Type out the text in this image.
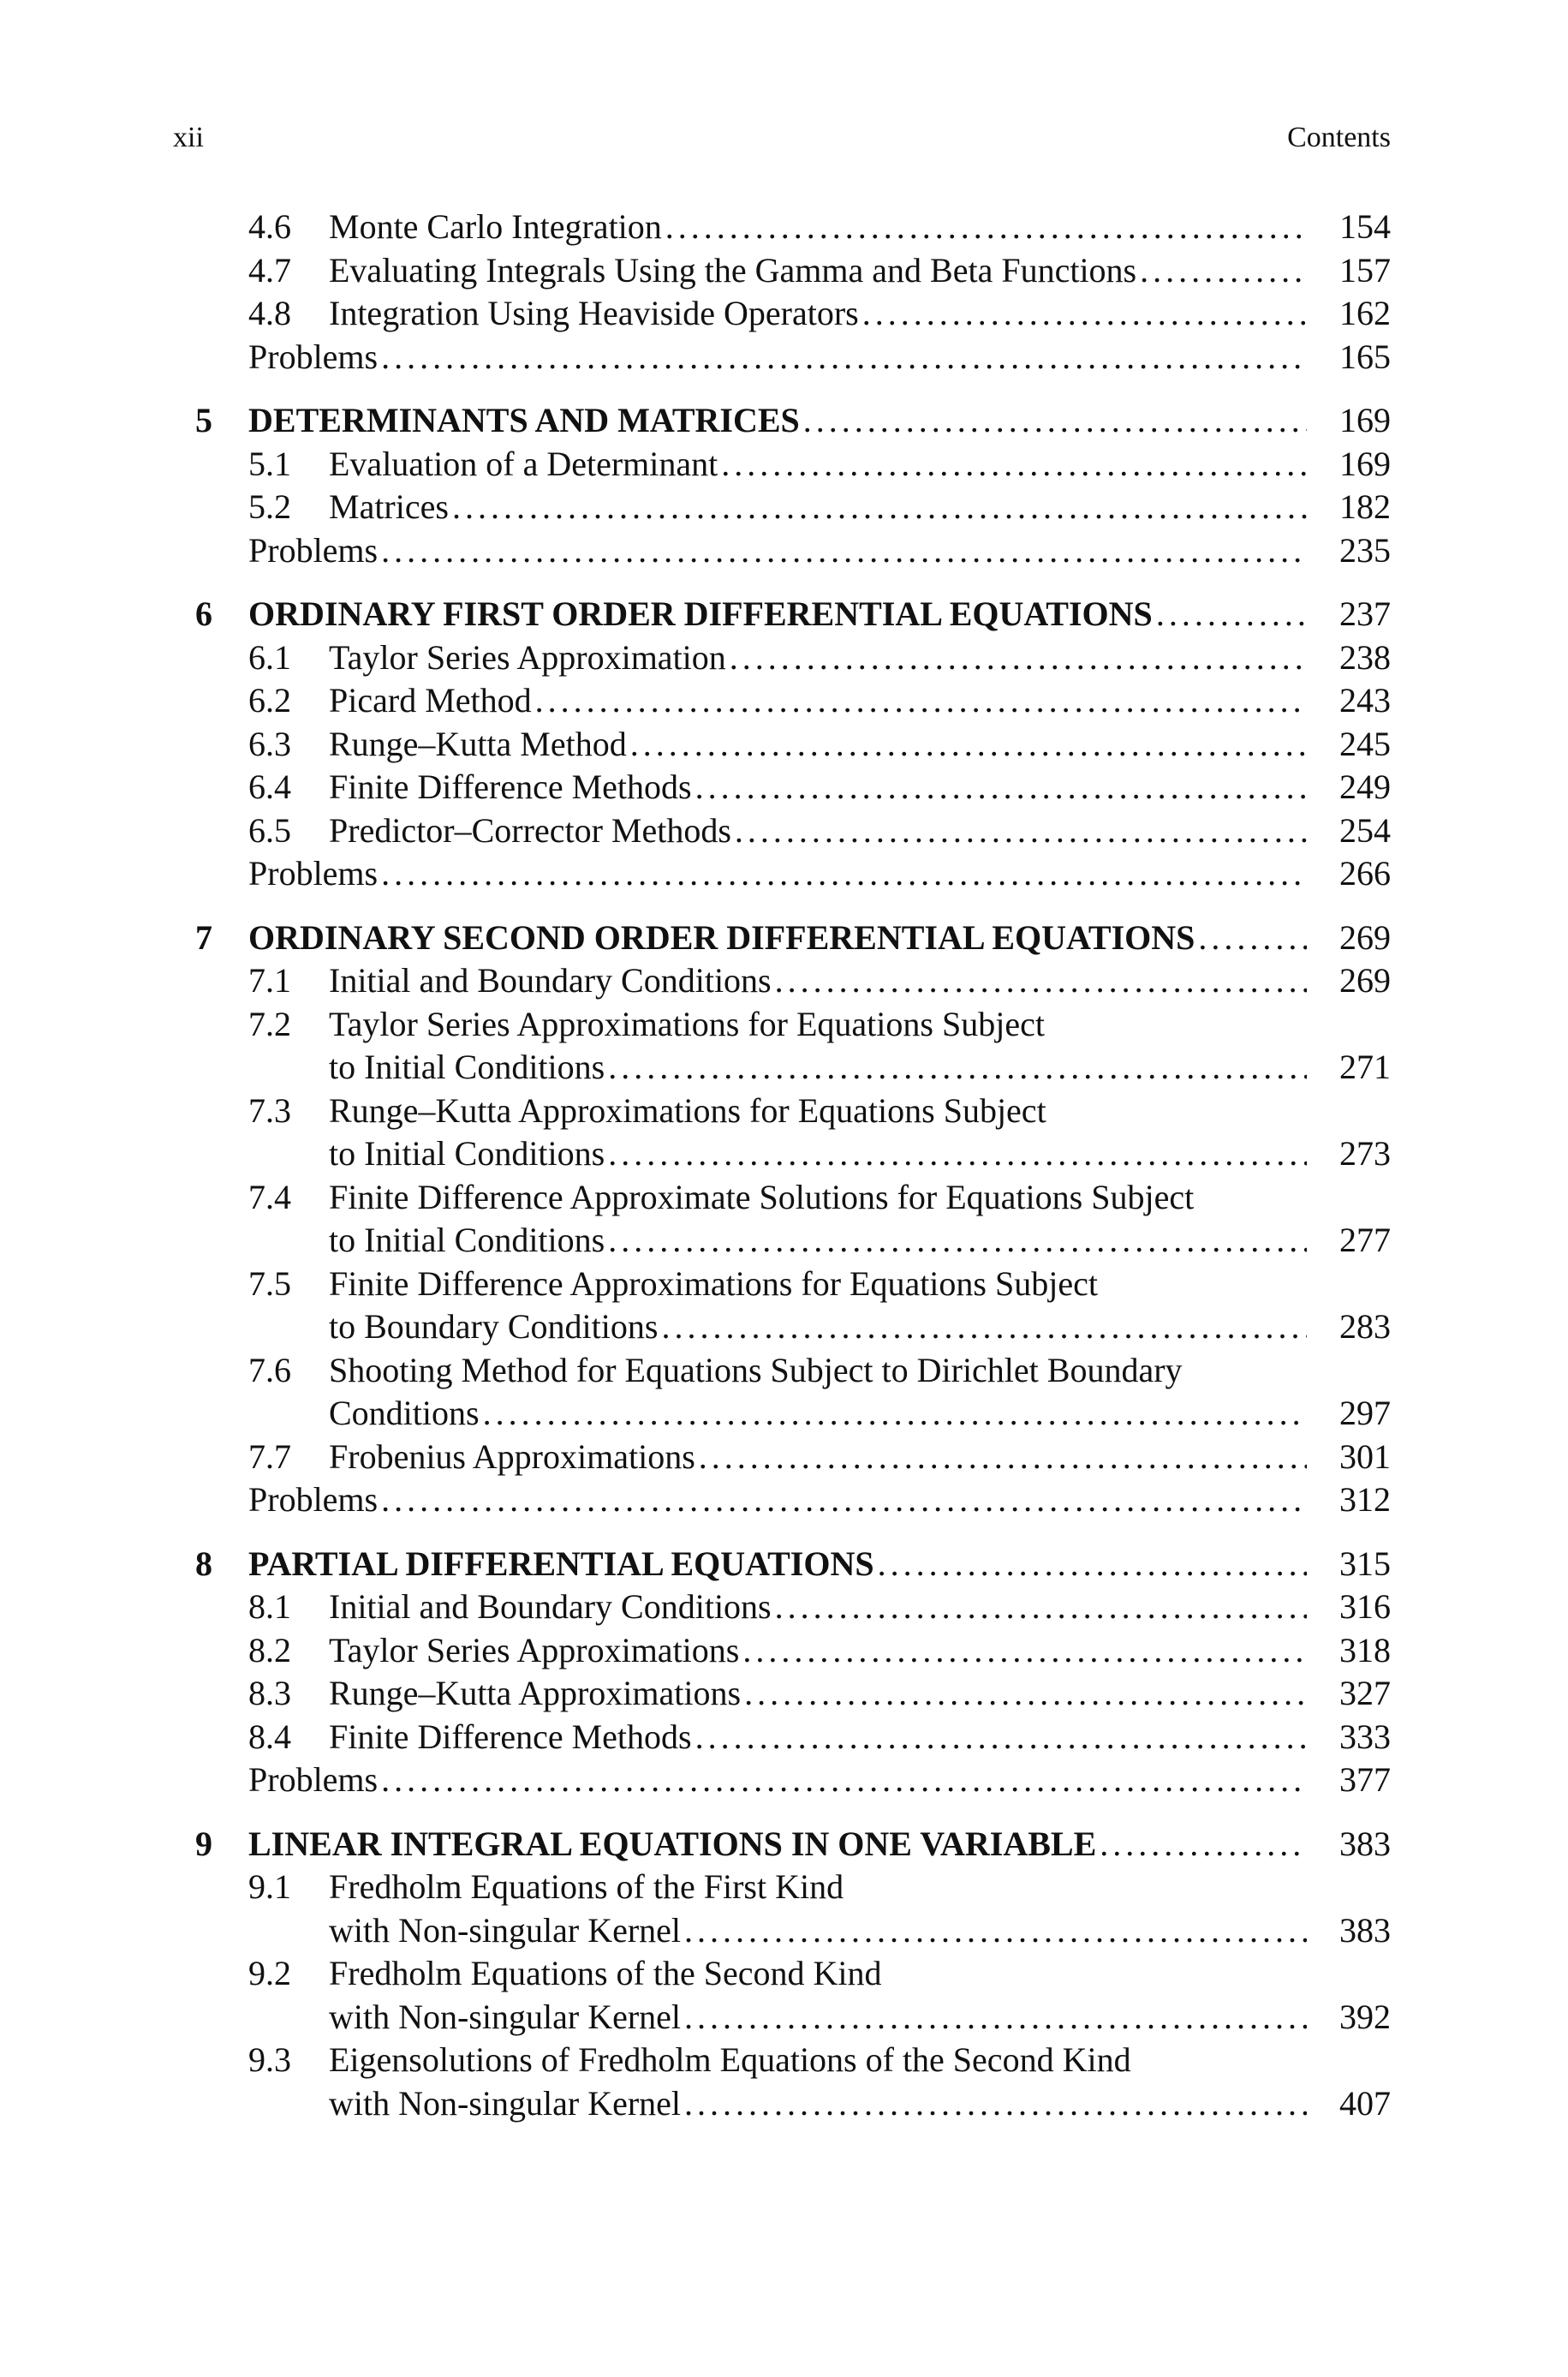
xii	Contents
4.6 Monte Carlo Integration .....	154
4.7 Evaluating Integrals Using the Gamma and Beta Functions .....	157
4.8 Integration Using Heaviside Operators .....	162
Problems .....	165
5 DETERMINANTS AND MATRICES .....	169
5.1 Evaluation of a Determinant .....	169
5.2 Matrices .....	182
Problems .....	235
6 ORDINARY FIRST ORDER DIFFERENTIAL EQUATIONS .....	237
6.1 Taylor Series Approximation .....	238
6.2 Picard Method .....	243
6.3 Runge–Kutta Method .....	245
6.4 Finite Difference Methods .....	249
6.5 Predictor–Corrector Methods .....	254
Problems .....	266
7 ORDINARY SECOND ORDER DIFFERENTIAL EQUATIONS .....	269
7.1 Initial and Boundary Conditions .....	269
7.2 Taylor Series Approximations for Equations Subject
to Initial Conditions .....	271
7.3 Runge–Kutta Approximations for Equations Subject
to Initial Conditions .....	273
7.4 Finite Difference Approximate Solutions for Equations Subject
to Initial Conditions .....	277
7.5 Finite Difference Approximations for Equations Subject
to Boundary Conditions .....	283
7.6 Shooting Method for Equations Subject to Dirichlet Boundary
Conditions .....	297
7.7 Frobenius Approximations .....	301
Problems .....	312
8 PARTIAL DIFFERENTIAL EQUATIONS .....	315
8.1 Initial and Boundary Conditions .....	316
8.2 Taylor Series Approximations .....	318
8.3 Runge–Kutta Approximations .....	327
8.4 Finite Difference Methods .....	333
Problems .....	377
9 LINEAR INTEGRAL EQUATIONS IN ONE VARIABLE .....	383
9.1 Fredholm Equations of the First Kind
with Non-singular Kernel .....	383
9.2 Fredholm Equations of the Second Kind
with Non-singular Kernel .....	392
9.3 Eigensolutions of Fredholm Equations of the Second Kind
with Non-singular Kernel .....	407
